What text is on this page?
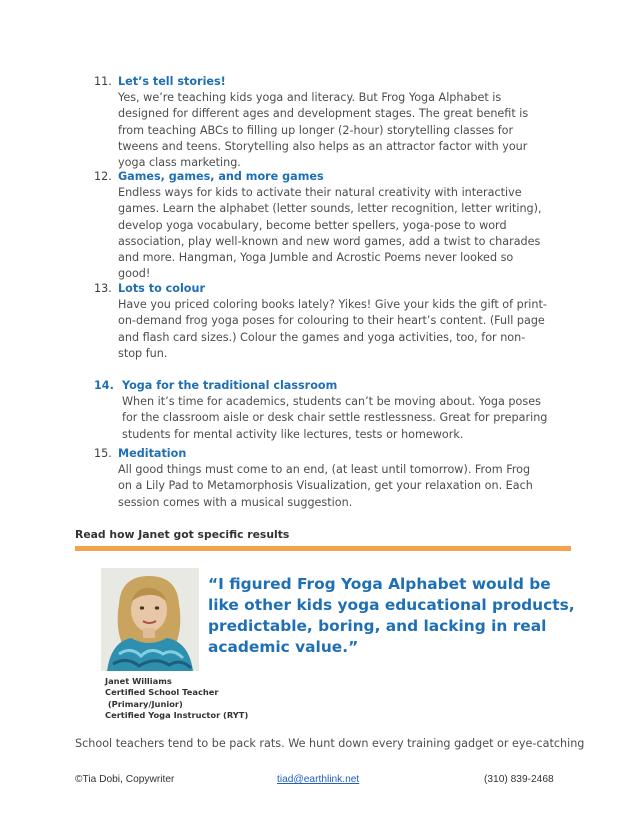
11. Let’s tell stories!
Yes, we’re teaching kids yoga and literacy. But Frog Yoga Alphabet is
designed for different ages and development stages. The great benefit is
from teaching ABCs to filling up longer (2-hour) storytelling classes for
tweens and teens. Storytelling also helps as an attractor factor with your
yoga class marketing.
12. Games, games, and more games
Endless ways for kids to activate their natural creativity with interactive
games. Learn the alphabet (letter sounds, letter recognition, letter writing),
develop yoga vocabulary, become better spellers, yoga-pose to word
association, play well-known and new word games, add a twist to charades
and more. Hangman, Yoga Jumble and Acrostic Poems never looked so
good!
13. Lots to colour
Have you priced coloring books lately? Yikes! Give your kids the gift of print-
on-demand frog yoga poses for colouring to their heart’s content. (Full page
and flash card sizes.) Colour the games and yoga activities, too, for non-
stop fun.
14. Yoga for the traditional classroom
When it’s time for academics, students can’t be moving about. Yoga poses
for the classroom aisle or desk chair settle restlessness. Great for preparing
students for mental activity like lectures, tests or homework.
15. Meditation
All good things must come to an end, (at least until tomorrow). From Frog
on a Lily Pad to Metamorphosis Visualization, get your relaxation on. Each
session comes with a musical suggestion.
Read how Janet got specific results
“I figured Frog Yoga Alphabet would be
like other kids yoga educational products,
predictable, boring, and lacking in real
academic value.”
Janet Williams
Certified School Teacher
(Primary/Junior)
Certified Yoga Instructor (RYT)
School teachers tend to be pack rats. We hunt down every training gadget or eye-catching
©Tia Dobi, Copywriter	tiad@earthlink.net	(310) 839-2468
